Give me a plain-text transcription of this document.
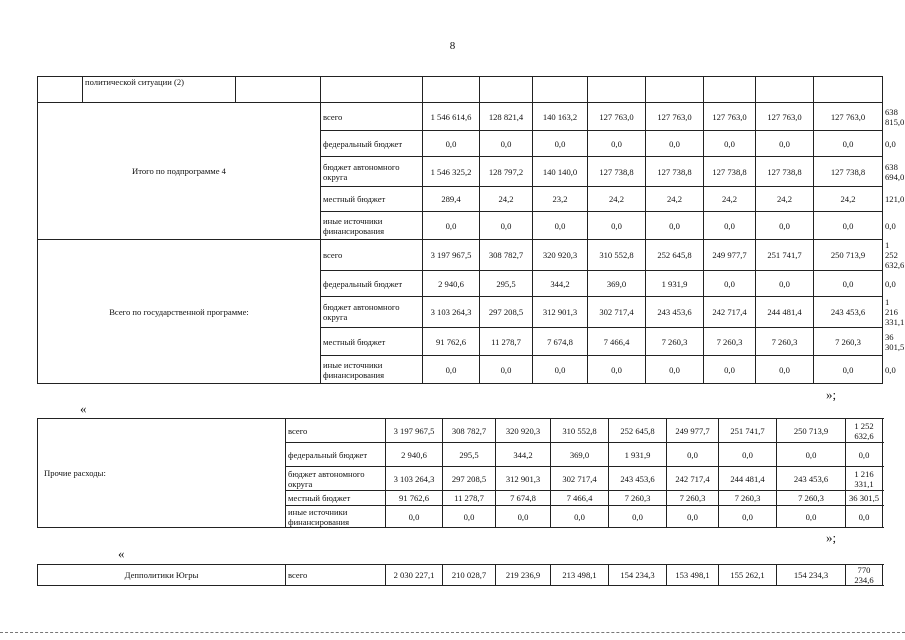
8
	политической ситуации (2)											
Итого по подпрограмме 4			всего	1 546 614,6	128 821,4	140 163,2	127 763,0	127 763,0	127 763,0	127 763,0	127 763,0	638 815,0
			федеральный бюджет	0,0	0,0	0,0	0,0	0,0	0,0	0,0	0,0	0,0
			бюджет автономного округа	1 546 325,2	128 797,2	140 140,0	127 738,8	127 738,8	127 738,8	127 738,8	127 738,8	638 694,0
			местный бюджет	289,4	24,2	23,2	24,2	24,2	24,2	24,2	24,2	121,0
			иные источники финансирования	0,0	0,0	0,0	0,0	0,0	0,0	0,0	0,0	0,0
Всего по государственной программе:			всего	3 197 967,5	308 782,7	320 920,3	310 552,8	252 645,8	249 977,7	251 741,7	250 713,9	1 252 632,6
			федеральный бюджет	2 940,6	295,5	344,2	369,0	1 931,9	0,0	0,0	0,0	0,0
			бюджет автономного округа	3 103 264,3	297 208,5	312 901,3	302 717,4	243 453,6	242 717,4	244 481,4	243 453,6	1 216 331,1
			местный бюджет	91 762,6	11 278,7	7 674,8	7 466,4	7 260,3	7 260,3	7 260,3	7 260,3	36 301,5
			иные источники финансирования	0,0	0,0	0,0	0,0	0,0	0,0	0,0	0,0	0,0
»;
«
Прочие расходы:	всего	3 197 967,5	308 782,7	320 920,3	310 552,8	252 645,8	249 977,7	251 741,7	250 713,9	1 252 632,6
	федеральный бюджет	2 940,6	295,5	344,2	369,0	1 931,9	0,0	0,0	0,0	0,0
	бюджет автономного округа	3 103 264,3	297 208,5	312 901,3	302 717,4	243 453,6	242 717,4	244 481,4	243 453,6	1 216 331,1
	местный бюджет	91 762,6	11 278,7	7 674,8	7 466,4	7 260,3	7 260,3	7 260,3	7 260,3	36 301,5
	иные источники финансирования	0,0	0,0	0,0	0,0	0,0	0,0	0,0	0,0	0,0
»;
«
Депполитики Югры	всего	2 030 227,1	210 028,7	219 236,9	213 498,1	154 234,3	153 498,1	155 262,1	154 234,3	770 234,6
